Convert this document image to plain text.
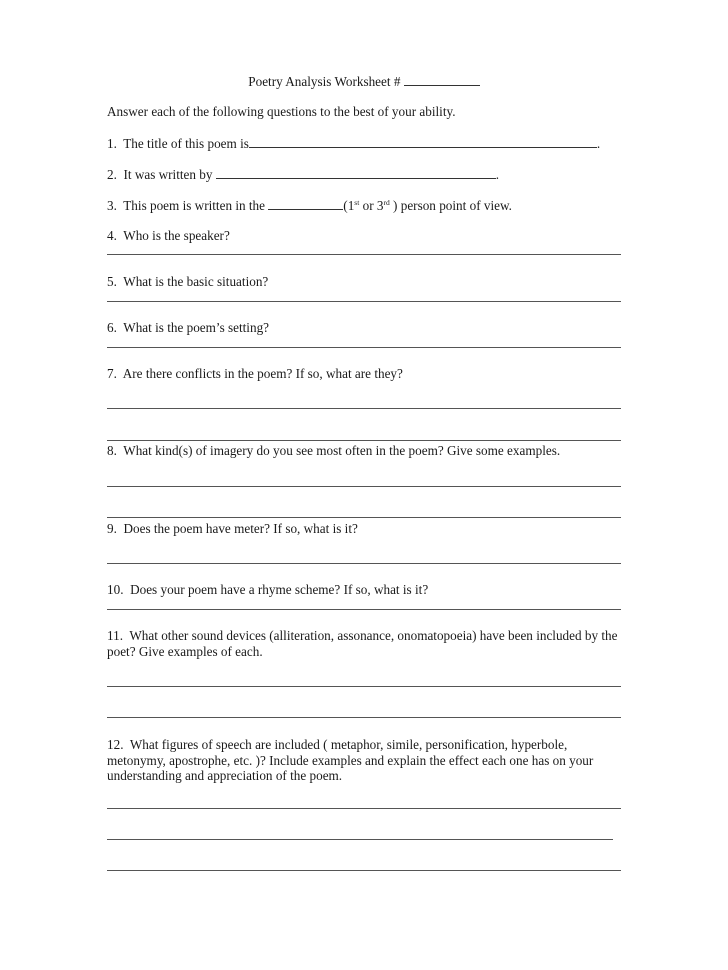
Poetry Analysis Worksheet #
Answer each of the following questions to the best of your ability.
1. The title of this poem is	.
2. It was written by	.
3. This poem is written in the	(1st or 3rd ) person point of view.
4. Who is the speaker?
5. What is the basic situation?
6. What is the poem’s setting?
7. Are there conflicts in the poem? If so, what are they?
8. What kind(s) of imagery do you see most often in the poem? Give some examples.
9. Does the poem have meter? If so, what is it?
10. Does your poem have a rhyme scheme? If so, what is it?
11. What other sound devices (alliteration, assonance, onomatopoeia) have been included by the poet? Give examples of each.
12. What figures of speech are included ( metaphor, simile, personification, hyperbole, metonymy, apostrophe, etc. )? Include examples and explain the effect each one has on your understanding and appreciation of the poem.
